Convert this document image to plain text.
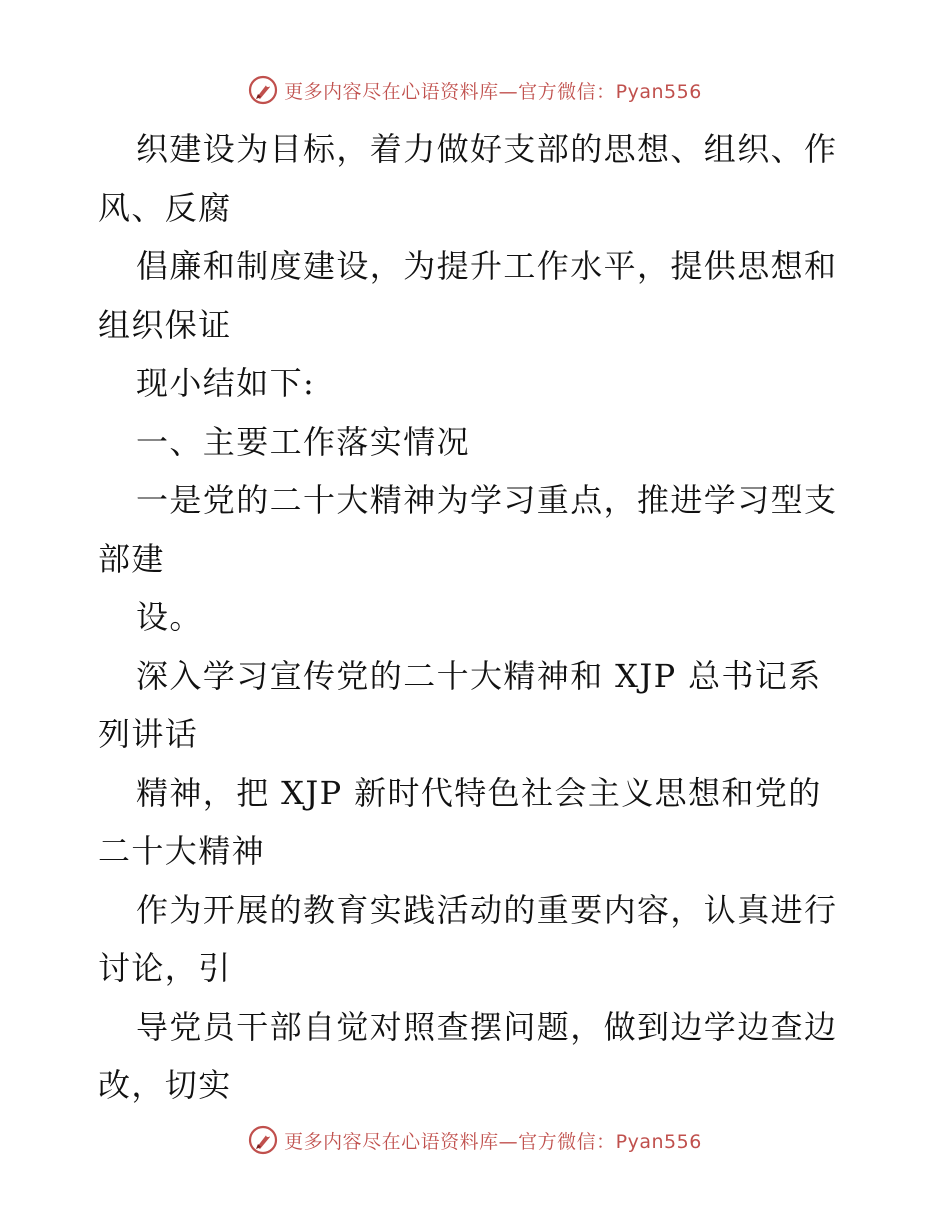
更多内容尽在心语资料库—官方微信：Pyan556
织建设为目标，着力做好支部的思想、组织、作
风、反腐
倡廉和制度建设，为提升工作水平，提供思想和
组织保证
现小结如下:
一、主要工作落实情况
一是党的二十大精神为学习重点，推进学习型支
部建
设。
深入学习宣传党的二十大精神和 XJP 总书记系
列讲话
精神，把 XJP 新时代特色社会主义思想和党的
二十大精神
作为开展的教育实践活动的重要内容，认真进行
讨论，引
导党员干部自觉对照查摆问题，做到边学边查边
改，切实
更多内容尽在心语资料库—官方微信：Pyan556
